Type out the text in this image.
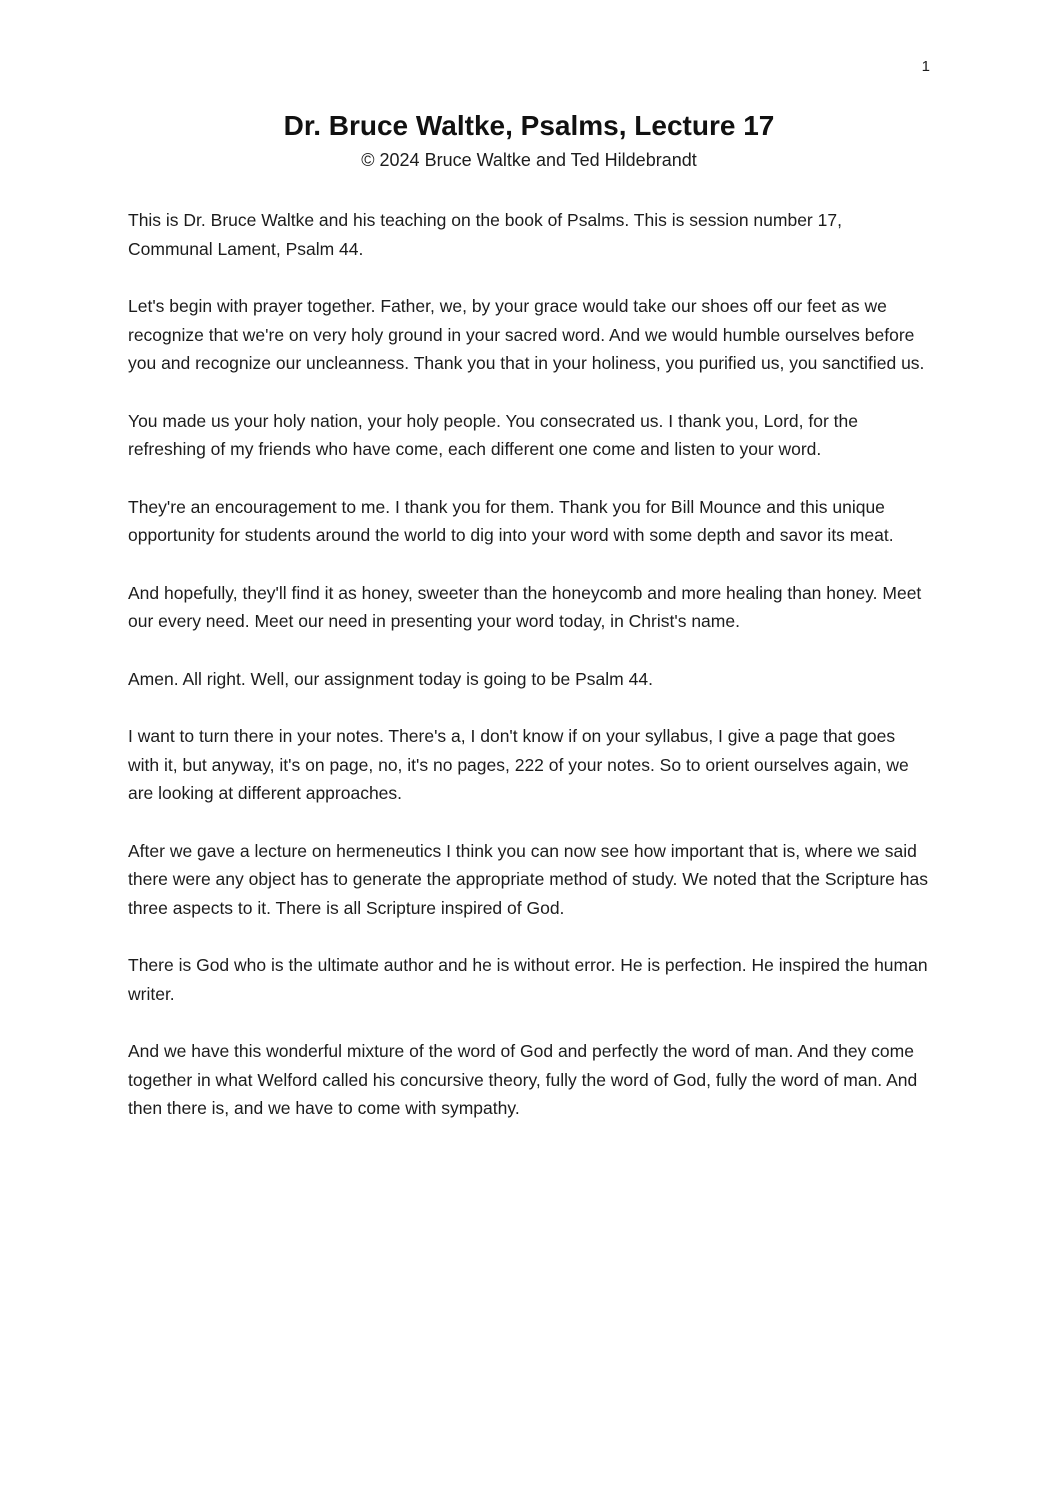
1
Dr. Bruce Waltke, Psalms, Lecture 17
© 2024 Bruce Waltke and Ted Hildebrandt

This is Dr. Bruce Waltke and his teaching on the book of Psalms. This is session number 17, Communal Lament, Psalm 44.

Let's begin with prayer together. Father, we, by your grace would take our shoes off our feet as we recognize that we're on very holy ground in your sacred word. And we would humble ourselves before you and recognize our uncleanness. Thank you that in your holiness, you purified us, you sanctified us.

You made us your holy nation, your holy people. You consecrated us. I thank you, Lord, for the refreshing of my friends who have come, each different one come and listen to your word.

They're an encouragement to me. I thank you for them. Thank you for Bill Mounce and this unique opportunity for students around the world to dig into your word with some depth and savor its meat.

And hopefully, they'll find it as honey, sweeter than the honeycomb and more healing than honey. Meet our every need. Meet our need in presenting your word today, in Christ's name.

Amen. All right. Well, our assignment today is going to be Psalm 44.

I want to turn there in your notes. There's a, I don't know if on your syllabus, I give a page that goes with it, but anyway, it's on page, no, it's no pages, 222 of your notes. So to orient ourselves again, we are looking at different approaches.

After we gave a lecture on hermeneutics I think you can now see how important that is, where we said there were any object has to generate the appropriate method of study. We noted that the Scripture has three aspects to it. There is all Scripture inspired of God.

There is God who is the ultimate author and he is without error. He is perfection. He inspired the human writer.

And we have this wonderful mixture of the word of God and perfectly the word of man. And they come together in what Welford called his concursive theory, fully the word of God, fully the word of man. And then there is, and we have to come with sympathy.
